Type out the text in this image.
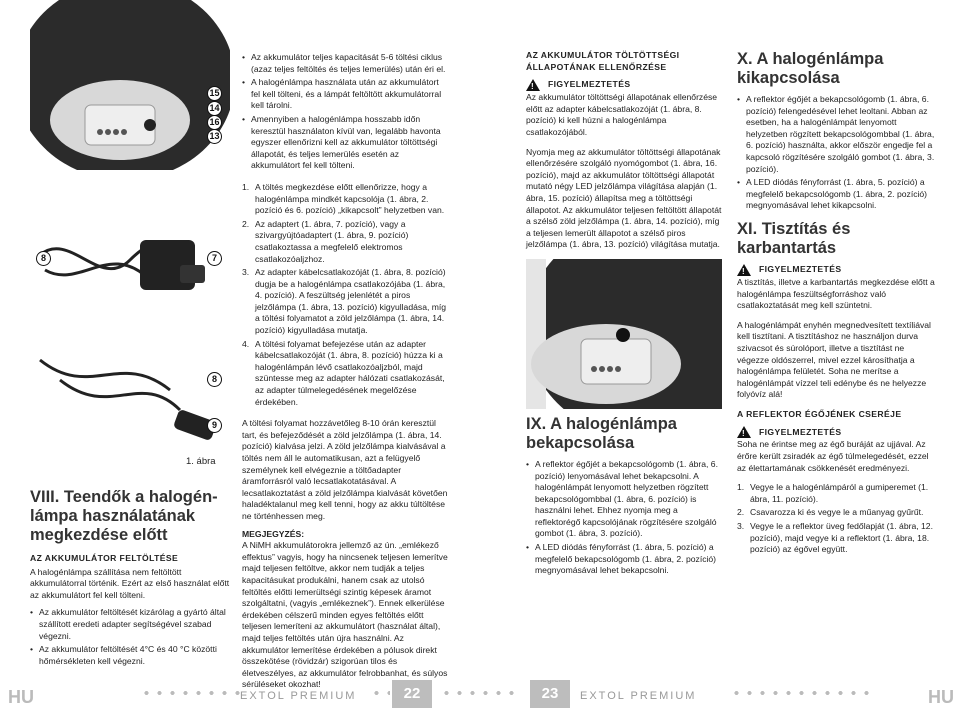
15
14
16
13
8	7
8
9
1. ábra
VIII. Teendők a halogénlámpa használatának megkezdése előtt
AZ AKKUMULÁTOR FELTÖLTÉSE

A halogénlámpa szállítása nem feltöltött akkumulátorral történik. Ezért az első használat előtt az akkumulátort fel kell tölteni.

• Az akkumulátor feltöltését kizárólag a gyártó által szállított eredeti adapter segítségével szabad végezni.
• Az akkumulátor feltöltését 4°C és 40 °C közötti hőmérsékleten kell végezni.
• Az akkumulátor teljes kapacitását 5-6 töltési ciklus (azaz teljes feltöltés és teljes lemerülés) után éri el.
• A halogénlámpa használata után az akkumulátort fel kell tölteni, és a lámpát feltöltött akkumulátorral kell tárolni.
• Amennyiben a halogénlámpa hosszabb időn keresztül használaton kívül van, legalább havonta egyszer ellenőrizni kell az akkumulátor töltöttségi állapotát, és teljes lemerülés esetén az akkumulátort fel kell tölteni.
1. A töltés megkezdése előtt ellenőrizze, hogy a halogénlámpa mindkét kapcsolója (1. ábra, 2. pozíció és 6. pozíció) „kikapcsolt” helyzetben van.
2. Az adaptert (1. ábra, 7. pozíció), vagy a szivargyújtóadaptert (1. ábra, 9. pozíció) csatlakoztassa a megfelelő elektromos csatlakozóaljzhoz.
3. Az adapter kábelcsatlakozóját (1. ábra, 8. pozíció) dugja be a halogénlámpa csatlakozójába (1. ábra, 4. pozíció). A feszültség jelenlétét a piros jelzőlámpa (1. ábra, 13. pozíció) kigyulladása, míg a töltési folyamatot a zöld jelzőlámpa (1. ábra, 14. pozíció) kigyulladása mutatja.
4. A töltési folyamat befejezése után az adapter kábelcsatlakozóját (1. ábra, 8. pozíció) húzza ki a halogénlámpán lévő csatlakozóaljzból, majd szüntesse meg az adapter hálózati csatlakozását, az adapter túlmelegedésének megelőzése érdekében.

A töltési folyamat hozzávetőleg 8-10 órán keresztül tart, és befejeződését a zöld jelzőlámpa (1. ábra, 14. pozíció) kialvása jelzi. A zöld jelzőlámpa kialvásával a töltés nem áll le automatikusan, azt a felügyelő személynek kell elvégeznie a töltőadapter áramforrásról való lecsatlakotatásával. A lecsatlakoztatást a zöld jelzőlámpa kialvását követően haladéktalanul meg kell tenni, hogy az akku túltöltése ne történhessen meg.

MEGJEGYZÉS:

A NiMH akkumulátorokra jellemző az ún. „emlékező effektus” vagyis, hogy ha nincsenek teljesen lemerítve majd teljesen feltöltve, akkor nem tudják a teljes kapacitásukat produkálni, hanem csak az utolsó feltöltés előtti lemerültségi szintig képesek áramot szolgáltatni, (vagyis „emlékeznek”). Ennek elkerülése érdekében célszerű minden egyes feltöltés előtt teljesen lemeríteni az akkumulátort (használat által), majd teljes feltöltés után újra használni. Az akkumulátor lemerítése érdekében a pólusok direkt összekötése (rövidzár) szigorúan tilos és életveszélyes, az akkumulátor felrobbanhat, és súlyos sérüléseket okozhat!

AZ AKKUMULÁTOR TÖLTÖTTSÉGI ÁLLAPOTÁNAK ELLENŐRZÉSE
!
FIGYELMEZTETÉS

Az akkumulátor töltöttségi állapotának ellenőrzése előtt az adapter kábelcsatlakozóját (1. ábra, 8. pozíció) ki kell húzni a halogénlámpa csatlakozójából.

Nyomja meg az akkumulátor töltöttségi állapotának ellenőrzésére szolgáló nyomógombot (1. ábra, 16. pozíció), majd az akkumulátor töltöttségi állapotát mutató négy LED jelzőlámpa világítása alapján (1. ábra, 15. pozíció) állapítsa meg a töltöttségi állapotot. Az akkumulátor teljesen feltöltött állapotát a szélső zöld jelzőlámpa (1. ábra, 14. pozíció), míg a teljesen lemerült állapotot a szélső piros jelzőlámpa (1. ábra, 13. pozíció) világítása mutatja.

IX. A halogénlámpa bekapcsolása
• A reflektor égőjét a bekapcsológomb (1. ábra, 6. pozíció) lenyomásával lehet bekapcsolni. A halogénlámpát lenyomott helyzetben rögzített bekapcsológombbal (1. ábra, 6. pozíció) is használni lehet. Ehhez nyomja meg a reflektorégő kapcsolójának rögzítésére szolgáló gombot (1. ábra, 3. pozíció).
• A LED diódás fényforrást (1. ábra, 5. pozíció) a megfelelő bekapcsológomb (1. ábra, 2. pozíció) megnyomásával lehet bekapcsolni.
X. A halogénlámpa kikapcsolása
• A reflektor égőjét a bekapcsológomb (1. ábra, 6. pozíció) felengedésével lehet leoltani. Abban az esetben, ha a halogénlámpát lenyomott helyzetben rögzített bekapcsológombbal (1. ábra, 6. pozíció) használta, akkor először engedje fel a kapcsoló rögzítésére szolgáló gombot (1. ábra, 3. pozíció).
• A LED diódás fényforrást (1. ábra, 5. pozíció) a megfelelő bekapcsológomb (1. ábra, 2. pozíció) megnyomásával lehet kikapcsolni.
XI. Tisztítás és karbantartás
!
FIGYELMEZTETÉS

A tisztítás, illetve a karbantartás megkezdése előtt a halogénlámpa feszültségforráshoz való csatlakoztatását meg kell szüntetni.

A halogénlámpát enyhén megnedvesített textíliával kell tisztítani. A tisztításhoz ne használjon durva szivacsot és súrolóport, illetve a tisztítást ne végezze oldószerrel, mivel ezzel károsíthatja a halogénlámpa felületét. Soha ne merítse a halogénlámpát vízzel teli edénybe és ne helyezze folyóvíz alá!

A REFLEKTOR ÉGŐJÉNEK CSERÉJE
!
FIGYELMEZTETÉS

Soha ne érintse meg az égő buráját az ujjával. Az érőre került zsiradék az égő túlmelegedését, ezzel az élettartamának csökkenését eredményezi.

1. Vegye le a halogénlámpáról a gumiperemet (1. ábra, 11. pozíció).
2. Csavarozza ki és vegye le a műanyag gyűrűt.
3. Vegye le a reflektor üveg fedőlapját (1. ábra, 12. pozíció), majd vegye ki a reflektort (1. ábra, 18. pozíció) az égővel együtt.
HU	EXTOL PREMIUM	22	23	EXTOL PREMIUM	HU
